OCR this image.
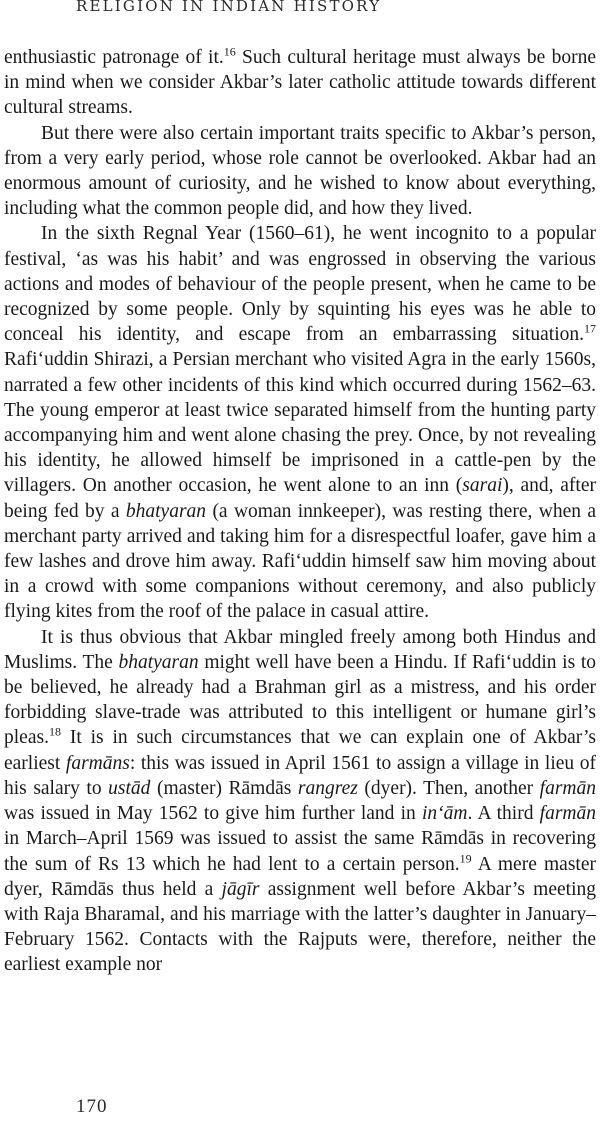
RELIGION IN INDIAN HISTORY

enthusiastic patronage of it.$^{16}$ Such cultural heritage must always be borne in mind when we consider Akbar’s later catholic attitude towards different cultural streams.

But there were also certain important traits specific to Akbar’s person, from a very early period, whose role cannot be overlooked. Akbar had an enormous amount of curiosity, and he wished to know about everything, including what the common people did, and how they lived.

In the sixth Regnal Year (1560–61), he went incognito to a popular festival, ‘as was his habit’ and was engrossed in observing the various actions and modes of behaviour of the people present, when he came to be recognized by some people. Only by squinting his eyes was he able to conceal his identity, and escape from an embarrassing situation.$^{17}$ Rafi‘uddin Shirazi, a Persian merchant who visited Agra in the early 1560s, narrated a few other incidents of this kind which occurred during 1562–63. The young emperor at least twice separated himself from the hunting party accompanying him and went alone chasing the prey. Once, by not revealing his identity, he allowed himself be imprisoned in a cattle-pen by the villagers. On another occasion, he went alone to an inn (sarai), and, after being fed by a bhatyaran (a woman innkeeper), was resting there, when a merchant party arrived and taking him for a disrespectful loafer, gave him a few lashes and drove him away. Rafi‘uddin himself saw him moving about in a crowd with some companions without ceremony, and also publicly flying kites from the roof of the palace in casual attire.

It is thus obvious that Akbar mingled freely among both Hindus and Muslims. The bhatyaran might well have been a Hindu. If Rafi‘uddin is to be believed, he already had a Brahman girl as a mistress, and his order forbidding slave-trade was attributed to this intelligent or humane girl’s pleas.$^{18}$ It is in such circumstances that we can explain one of Akbar’s earliest farmāns: this was issued in April 1561 to assign a village in lieu of his salary to ustād (master) Rāmdās rangrez (dyer). Then, another farmān was issued in May 1562 to give him further land in in‘ām. A third farmān in March–April 1569 was issued to assist the same Rāmdās in recovering the sum of Rs 13 which he had lent to a certain person.$^{19}$ A mere master dyer, Rāmdās thus held a jāgīr assignment well before Akbar’s meeting with Raja Bharamal, and his marriage with the latter’s daughter in January–February 1562. Contacts with the Rajputs were, therefore, neither the earliest example nor

170
